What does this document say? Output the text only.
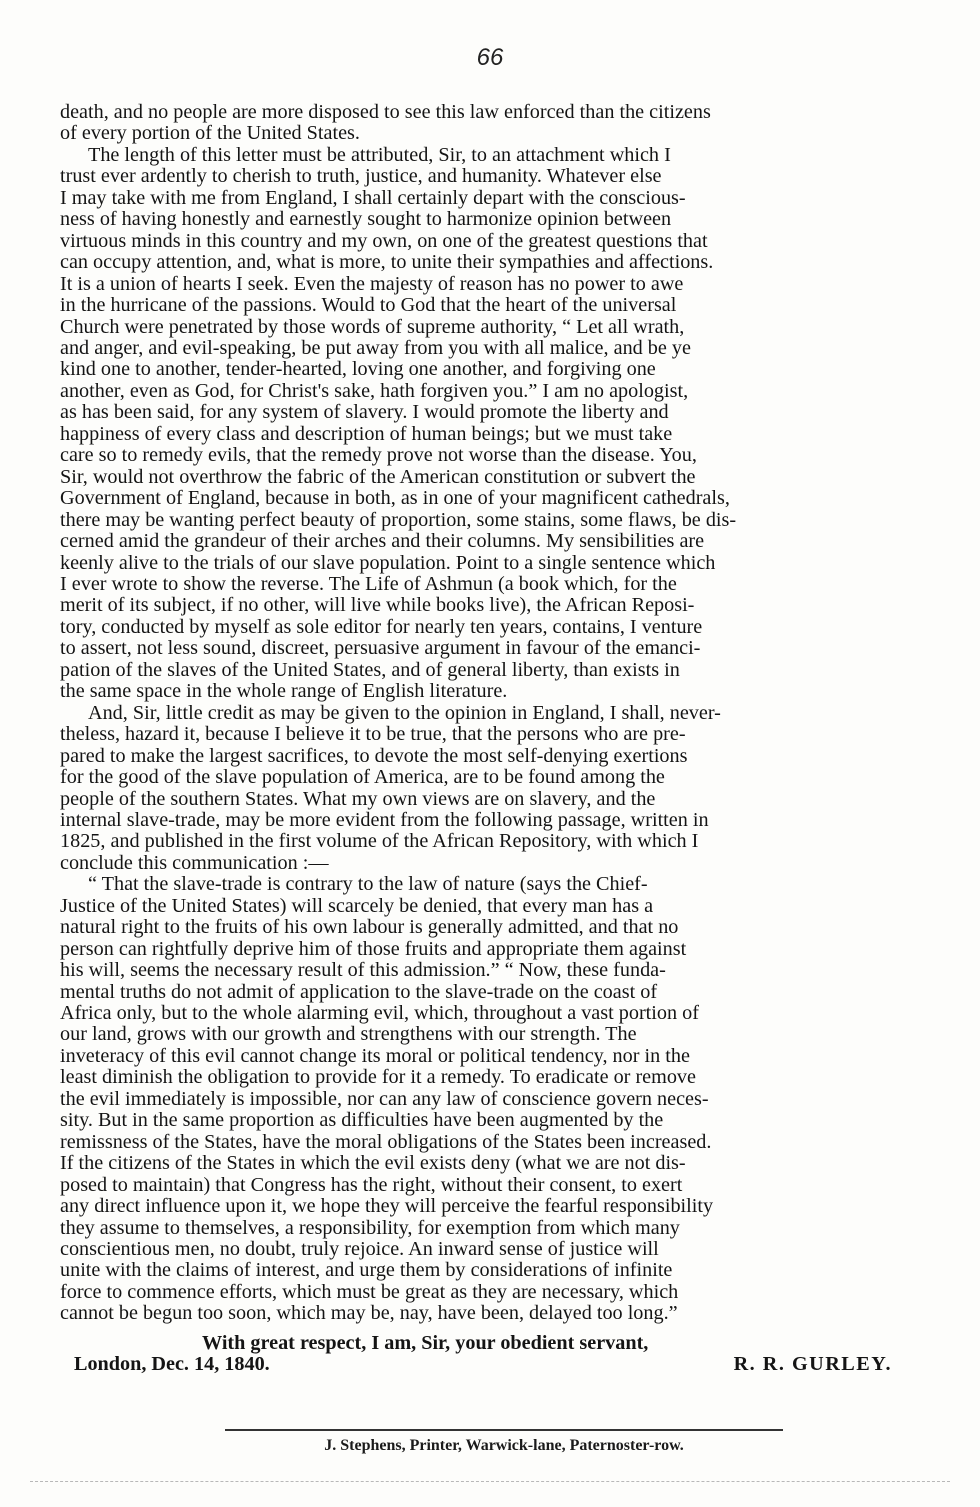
66

death, and no people are more disposed to see this law enforced than the citizens
of every portion of the United States.

The length of this letter must be attributed, Sir, to an attachment which I
trust ever ardently to cherish to truth, justice, and humanity. Whatever else
I may take with me from England, I shall certainly depart with the conscious-
ness of having honestly and earnestly sought to harmonize opinion between
virtuous minds in this country and my own, on one of the greatest questions that
can occupy attention, and, what is more, to unite their sympathies and affections.
It is a union of hearts I seek. Even the majesty of reason has no power to awe
in the hurricane of the passions. Would to God that the heart of the universal
Church were penetrated by those words of supreme authority, “ Let all wrath,
and anger, and evil-speaking, be put away from you with all malice, and be ye
kind one to another, tender-hearted, loving one another, and forgiving one
another, even as God, for Christ's sake, hath forgiven you.” I am no apologist,
as has been said, for any system of slavery. I would promote the liberty and
happiness of every class and description of human beings; but we must take
care so to remedy evils, that the remedy prove not worse than the disease. You,
Sir, would not overthrow the fabric of the American constitution or subvert the
Government of England, because in both, as in one of your magnificent cathedrals,
there may be wanting perfect beauty of proportion, some stains, some flaws, be dis-
cerned amid the grandeur of their arches and their columns. My sensibilities are
keenly alive to the trials of our slave population. Point to a single sentence which
I ever wrote to show the reverse. The Life of Ashmun (a book which, for the
merit of its subject, if no other, will live while books live), the African Reposi-
tory, conducted by myself as sole editor for nearly ten years, contains, I venture
to assert, not less sound, discreet, persuasive argument in favour of the emanci-
pation of the slaves of the United States, and of general liberty, than exists in
the same space in the whole range of English literature.

And, Sir, little credit as may be given to the opinion in England, I shall, never-
theless, hazard it, because I believe it to be true, that the persons who are pre-
pared to make the largest sacrifices, to devote the most self-denying exertions
for the good of the slave population of America, are to be found among the
people of the southern States. What my own views are on slavery, and the
internal slave-trade, may be more evident from the following passage, written in
1825, and published in the first volume of the African Repository, with which I
conclude this communication :—

“ That the slave-trade is contrary to the law of nature (says the Chief-
Justice of the United States) will scarcely be denied, that every man has a
natural right to the fruits of his own labour is generally admitted, and that no
person can rightfully deprive him of those fruits and appropriate them against
his will, seems the necessary result of this admission.” “ Now, these funda-
mental truths do not admit of application to the slave-trade on the coast of
Africa only, but to the whole alarming evil, which, throughout a vast portion of
our land, grows with our growth and strengthens with our strength. The
inveteracy of this evil cannot change its moral or political tendency, nor in the
least diminish the obligation to provide for it a remedy. To eradicate or remove
the evil immediately is impossible, nor can any law of conscience govern neces-
sity. But in the same proportion as difficulties have been augmented by the
remissness of the States, have the moral obligations of the States been increased.
If the citizens of the States in which the evil exists deny (what we are not dis-
posed to maintain) that Congress has the right, without their consent, to exert
any direct influence upon it, we hope they will perceive the fearful responsibility
they assume to themselves, a responsibility, for exemption from which many
conscientious men, no doubt, truly rejoice. An inward sense of justice will
unite with the claims of interest, and urge them by considerations of infinite
force to commence efforts, which must be great as they are necessary, which
cannot be begun too soon, which may be, nay, have been, delayed too long.”

With great respect, I am, Sir, your obedient servant,
London, Dec. 14, 1840.	R. R. GURLEY.
J. Stephens, Printer, Warwick-lane, Paternoster-row.
